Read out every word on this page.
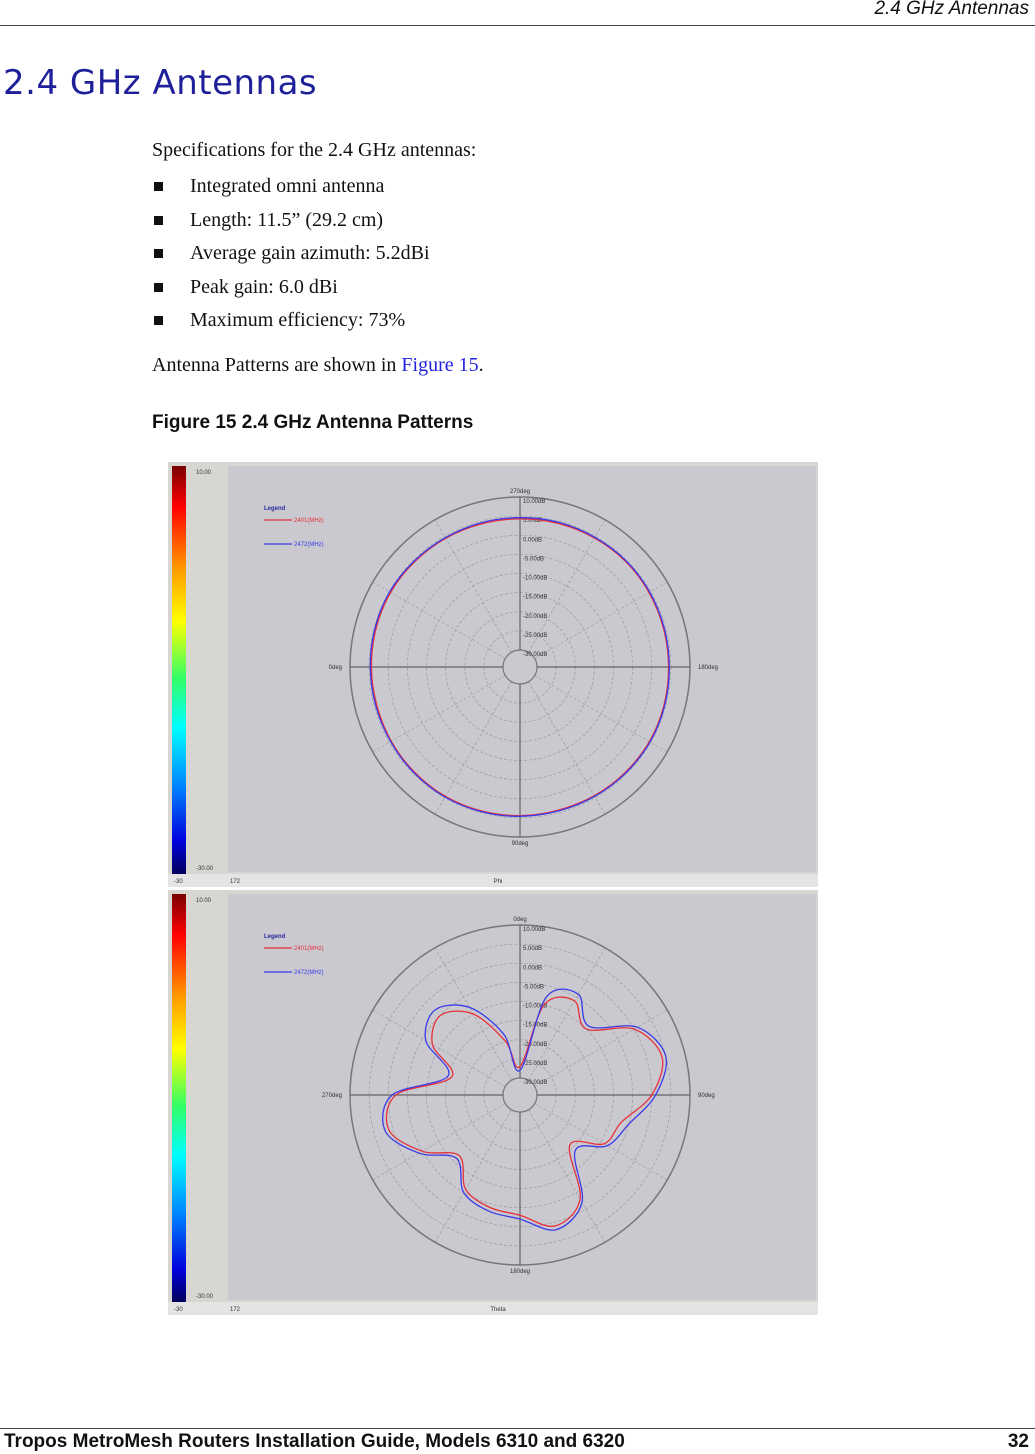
2.4 GHz Antennas
2.4 GHz Antennas
Specifications for the 2.4 GHz antennas:
Integrated omni antenna
Length: 11.5” (29.2 cm)
Average gain azimuth: 5.2dBi
Peak gain: 6.0 dBi
Maximum efficiency: 73%
Antenna Patterns are shown in Figure 15.
Figure 15 2.4 GHz Antenna Patterns
10.00
-30.00
-30	172	Phi
10.00dB
5.00dB
0.00dB
-5.00dB
-10.00dB
-15.00dB
-20.00dB
-25.00dB
-30.00dB
270deg
0deg	180deg
90deg
Legend
2401(MHz)
2472(MHz)
10.00
-30.00
-30	172	Theta
10.00dB
5.00dB
0.00dB
-5.00dB
-10.00dB
-15.00dB
-20.00dB
-25.00dB
-30.00dB
0deg
270deg	90deg
180deg
Legend
2401(MHz)
2472(MHz)
Tropos MetroMesh Routers Installation Guide, Models 6310 and 6320	32
